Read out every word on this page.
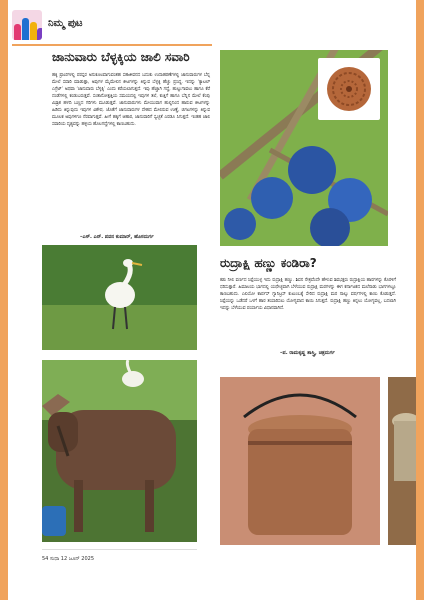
ನಿಮ್ಮ ಪುಟ
ಜಾನುವಾರು ಬೆಳ್ಳಕ್ಕಿಯ ಜಾಲಿ ಸವಾರಿ

ಹಕ್ಕಿ ಪ್ರಾಣಿಗಳಲ್ಲಿ ಪರಸ್ಪರ ಅನುಕೂಲವಾಗುವಂತಹ ಸಹಜೀವನದ ಬದುಕು ಉದಾಹರಣೆಗಳಲ್ಲಿ ಜಾನುವಾರುಗಳ ಬೆನ್ನ ಮೇಲೆ ಸವಾರಿ ಮಾಡುತ್ತಾ, ಅವುಗಳ ಮೈಮೇಲಿನ ಕೀಟಗಳನ್ನು ತಿನ್ನುವ ಬೆಳ್ಳಕ್ಕಿ ಹೆಚ್ಚು ಪ್ರಸಿದ್ಧ. ಇದನ್ನು ‘ಕ್ಯಾಟಲ್ ಎಗ್ರೆಟ್’ ಅಥವಾ ‘ಜಾನುವಾರು ಬೆಳ್ಳಕ್ಕಿ’ ಎಂದು ಕರೆಯಲಾಗುತ್ತದೆ. ಇವು ಹೆಚ್ಚಾಗಿ ಗದ್ದೆ, ಹುಲ್ಲುಗಾವಲು ಹಾಗೂ ಕೆರೆ ದಂಡೆಗಳಲ್ಲಿ ಕಂಡುಬರುತ್ತವೆ. ಸಂತಾನೋತ್ಪತ್ತಿಯ ಸಮಯದಲ್ಲಿ ಇವುಗಳ ತಲೆ, ಕುತ್ತಿಗೆ ಹಾಗೂ ಬೆನ್ನಿನ ಮೇಲೆ ಕೆಂಪು ಮಿಶ್ರಿತ ಹಳದಿ ಬಣ್ಣದ ಗರಿಗಳು ಮೂಡುತ್ತವೆ. ಜಾನುವಾರುಗಳು ಮೇಯುವಾಗ ಹುಲ್ಲಿನಿಂದ ಹಾರುವ ಕೀಟಗಳನ್ನು ಹಿಡಿದು ತಿನ್ನುವುದು ಇವುಗಳ ವಿಶೇಷ. ಜೊತೆಗೆ ಜಾನುವಾರುಗಳ ದೇಹದ ಮೇಲಿರುವ ಉಣ್ಣೆ, ಚಿಗಟಗಳನ್ನು ತಿನ್ನುವ ಮೂಲಕ ಅವುಗಳಿಗೂ ನೆರವಾಗುತ್ತವೆ. ಹೀಗೆ ಹಕ್ಕಿಗೆ ಆಹಾರ, ಜಾನುವಾರಿಗೆ ಸ್ವಚ್ಛತೆ ಎರಡೂ ಸಿಗುತ್ತದೆ. ಇಂತಹ ಜಾಲಿ ಸವಾರಿಯ ದೃಶ್ಯವನ್ನು ಹಳ್ಳಿಯ ಹೊಲಗದ್ದೆಗಳಲ್ಲಿ ಕಾಣಬಹುದು.

–ಎಸ್. ಎನ್. ಪವನ ಕುಮಾರ್, ಹೊಸದುರ್ಗ
ರುದ್ರಾಕ್ಷಿ ಹಣ್ಣು ಕಂಡಿರಾ?

ಕಡು ನೀಲಿ ವರ್ಣದ ಸಿಪ್ಪೆಯುಳ್ಳ ಇದು ರುದ್ರಾಕ್ಷಿ ಹಣ್ಣು. ಶಿವನ ನೇತ್ರವೆಂದೇ ಹೇಳುವ ಶಿವಭಕ್ತರು ರುದ್ರಾಕ್ಷಿಯ ಹಾರಗಳನ್ನು ಕೊರಳಿಗೆ ಧರಿಸುತ್ತಾರೆ. ಹಿಮಾಲಯ ಭಾಗದಲ್ಲಿ ಯಥೇಚ್ಛವಾಗಿ ಬೆಳೆಯುವ ರುದ್ರಾಕ್ಷಿ ಮರಗಳನ್ನು ಈಗ ಕರ್ನಾಟಕದ ಮಲೆನಾಡು ಭಾಗಗಳಲ್ಲೂ ಕಾಣಬಹುದು. ಎಲಿಯೋ ಕಾರ್ಪಸ್ ಗ್ಯಾನಿಟ್ರಸ್ ಕುಟುಂಬಕ್ಕೆ ಸೇರಿದ ರುದ್ರಾಕ್ಷಿ ಮರ ನಾಲ್ಕು ವರ್ಷಗಳಲ್ಲಿ ಕಾಯಿ ಕೊಡುತ್ತದೆ. ಸಿಪ್ಪೆಯನ್ನು ಒಡೆದರೆ ಒಳಗೆ ಹಾರ ತಯಾರಿಸಲು ಯೋಗ್ಯವಾದ ಕಾಯಿ ಸಿಗುತ್ತದೆ. ರುದ್ರಾಕ್ಷಿ ಹಣ್ಣು ತಿನ್ನಲು ಯೋಗ್ಯವಲ್ಲ, ಬದಲಾಗಿ ಇದನ್ನು ಬೆಳೆಯುವ ಪರ್ಯಾಯ ವಿಧಾನವಾಗಿದೆ.

–ಪ. ರಾಮಕೃಷ್ಣ ಶಾಸ್ತ್ರಿ, ಚಿತ್ರದುರ್ಗ
54 ಸುಧಾ 12 ಜೂನ್ 2025
